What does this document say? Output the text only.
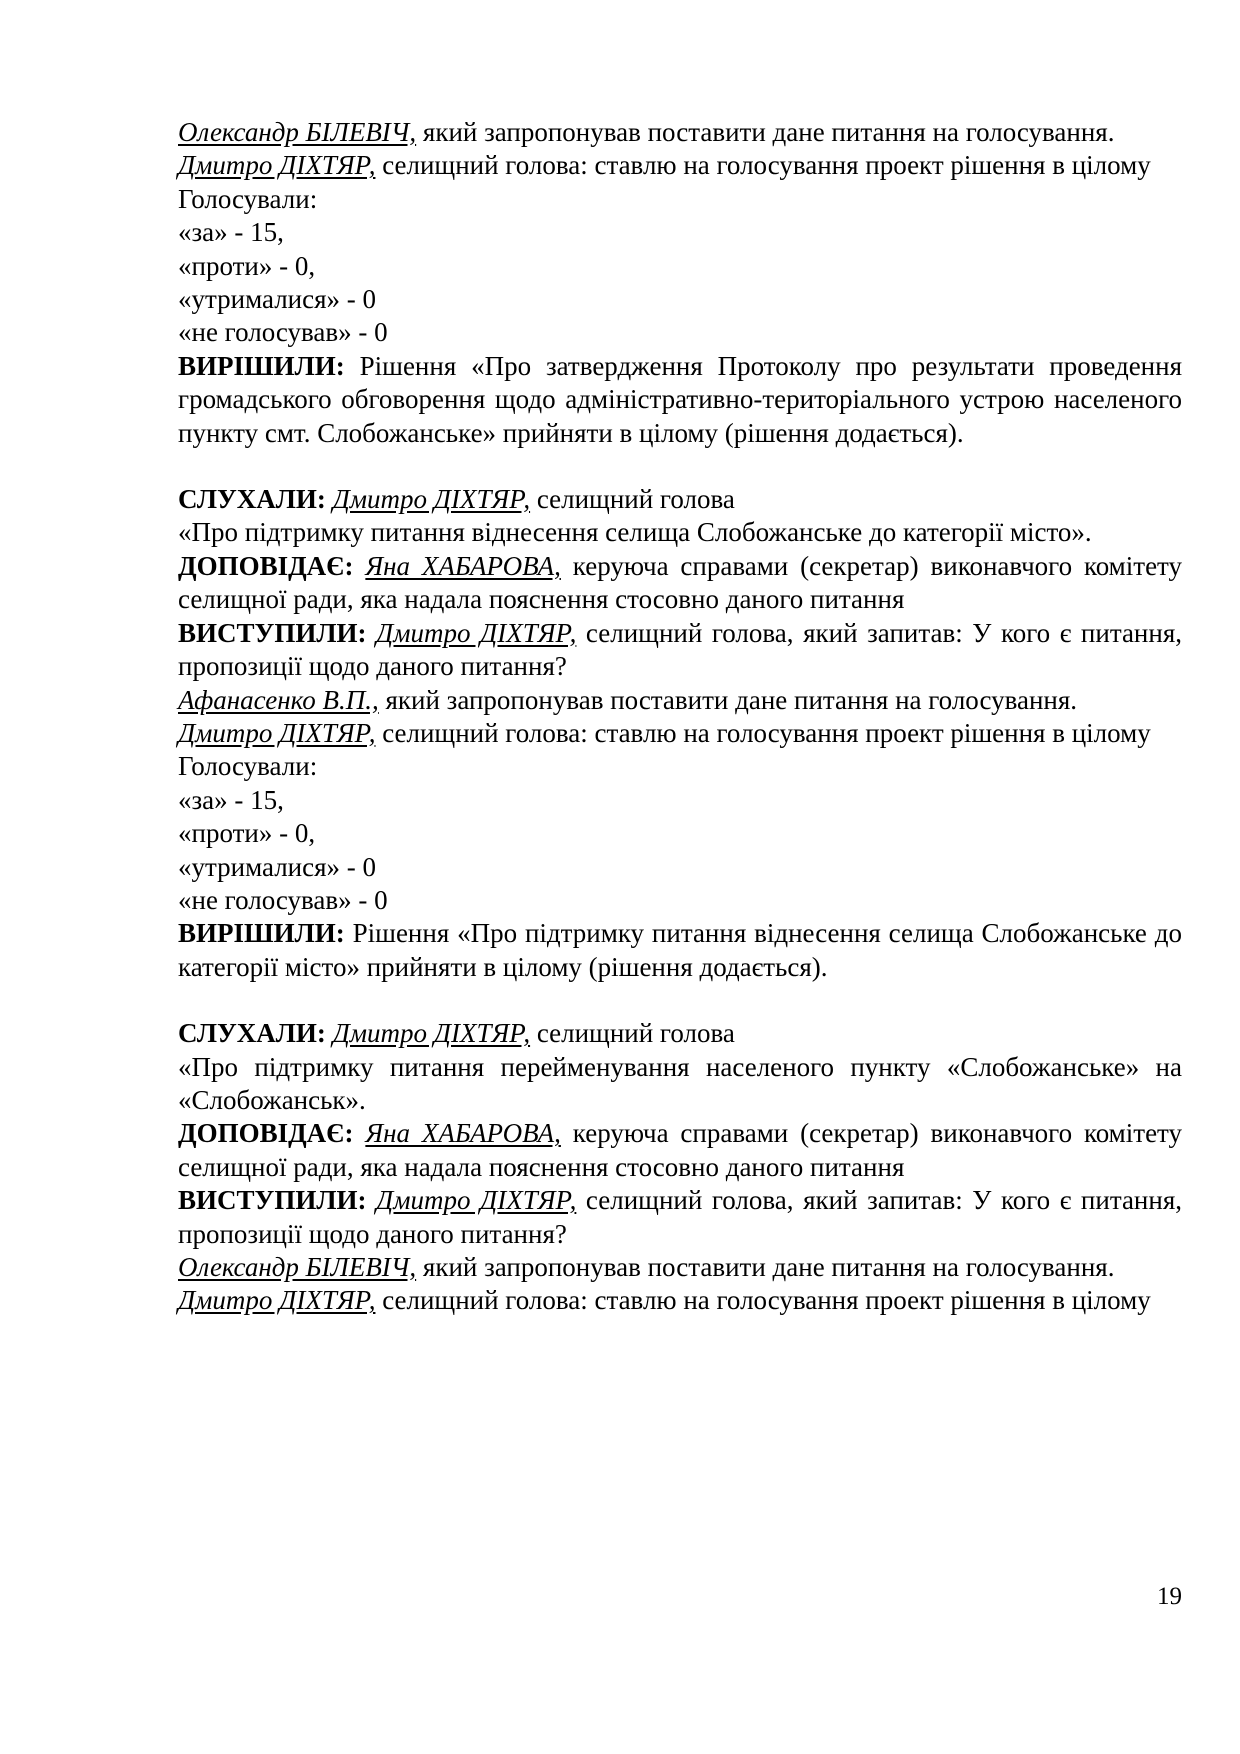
Олександр БІЛЕВІЧ, який запропонував поставити дане питання на голосування.

Дмитро ДІХТЯР, селищний голова: ставлю на голосування проект рішення в цілому

Голосували:

«за» - 15,

«проти» - 0,

«утрималися» - 0

«не голосував» - 0

ВИРІШИЛИ: Рішення «Про затвердження Протоколу про результати проведення громадського обговорення щодо адміністративно-територіального устрою населеного пункту смт. Слобожанське» прийняти в цілому (рішення додається).

СЛУХАЛИ: Дмитро ДІХТЯР, селищний голова

«Про підтримку питання віднесення селища Слобожанське до категорії місто».

ДОПОВІДАЄ: Яна ХАБАРОВА, керуюча справами (секретар) виконавчого комітету селищної ради, яка надала пояснення стосовно даного питання

ВИСТУПИЛИ: Дмитро ДІХТЯР, селищний голова, який запитав: У кого є питання, пропозиції щодо даного питання?

Афанасенко В.П., який запропонував поставити дане питання на голосування.

Дмитро ДІХТЯР, селищний голова: ставлю на голосування проект рішення в цілому

Голосували:

«за» - 15,

«проти» - 0,

«утрималися» - 0

«не голосував» - 0

ВИРІШИЛИ: Рішення «Про підтримку питання віднесення селища Слобожанське до категорії місто» прийняти в цілому (рішення додається).

СЛУХАЛИ: Дмитро ДІХТЯР, селищний голова

«Про підтримку питання перейменування населеного пункту «Слобожанське» на «Слобожанськ».

ДОПОВІДАЄ: Яна ХАБАРОВА, керуюча справами (секретар) виконавчого комітету селищної ради, яка надала пояснення стосовно даного питання

ВИСТУПИЛИ: Дмитро ДІХТЯР, селищний голова, який запитав: У кого є питання, пропозиції щодо даного питання?

Олександр БІЛЕВІЧ, який запропонував поставити дане питання на голосування.

Дмитро ДІХТЯР, селищний голова: ставлю на голосування проект рішення в цілому

19
